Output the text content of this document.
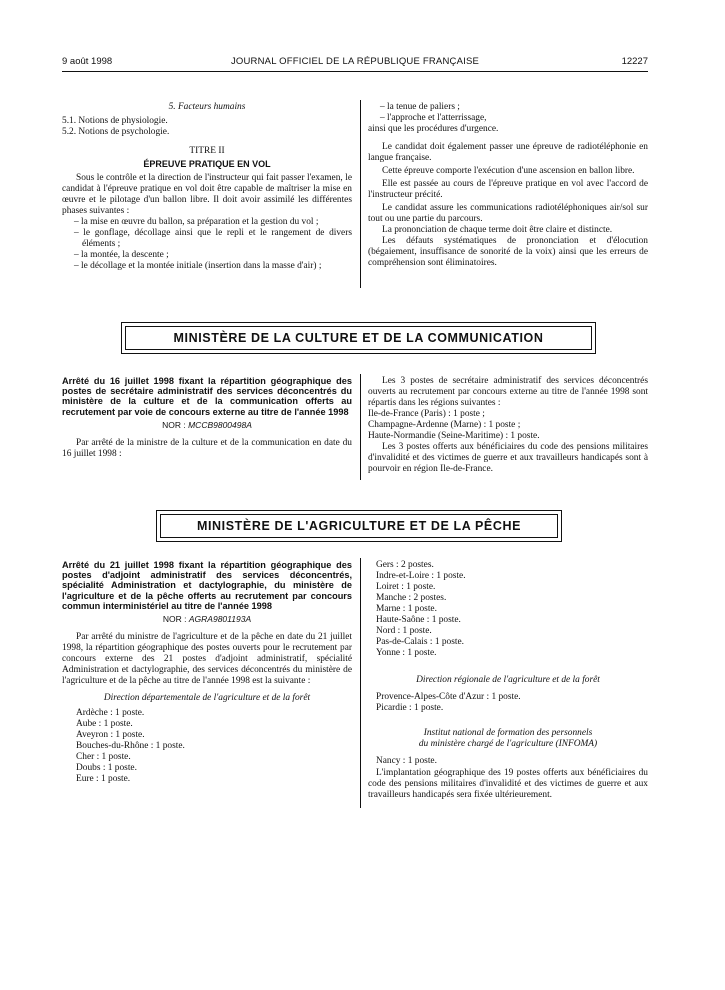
9 août 1998	JOURNAL OFFICIEL DE LA RÉPUBLIQUE FRANÇAISE	12227

5. Facteurs humains

5.1. Notions de physiologie.

5.2. Notions de psychologie.

TITRE II

ÉPREUVE PRATIQUE EN VOL

Sous le contrôle et la direction de l'instructeur qui fait passer l'examen, le candidat à l'épreuve pratique en vol doit être capable de maîtriser la mise en œuvre et le pilotage d'un ballon libre. Il doit avoir assimilé les différentes phases suivantes :

– la mise en œuvre du ballon, sa préparation et la gestion du vol ;

– le gonflage, décollage ainsi que le repli et le rangement de divers éléments ;

– la montée, la descente ;

– le décollage et la montée initiale (insertion dans la masse d'air) ;

– la tenue de paliers ;

– l'approche et l'atterrissage,

ainsi que les procédures d'urgence.

Le candidat doit également passer une épreuve de radiotéléphonie en langue française.

Cette épreuve comporte l'exécution d'une ascension en ballon libre.

Elle est passée au cours de l'épreuve pratique en vol avec l'accord de l'instructeur précité.

Le candidat assure les communications radiotéléphoniques air/sol sur tout ou une partie du parcours.

La prononciation de chaque terme doit être claire et distincte.

Les défauts systématiques de prononciation et d'élocution (bégaiement, insuffisance de sonorité de la voix) ainsi que les erreurs de compréhension sont éliminatoires.

MINISTÈRE DE LA CULTURE ET DE LA COMMUNICATION

Arrêté du 16 juillet 1998 fixant la répartition géographique des postes de secrétaire administratif des services déconcentrés du ministère de la culture et de la communication offerts au recrutement par voie de concours externe au titre de l'année 1998

NOR : MCCB9800498A

Par arrêté de la ministre de la culture et de la communication en date du 16 juillet 1998 :

Les 3 postes de secrétaire administratif des services déconcentrés ouverts au recrutement par concours externe au titre de l'année 1998 sont répartis dans les régions suivantes :

Ile-de-France (Paris) : 1 poste ;

Champagne-Ardenne (Marne) : 1 poste ;

Haute-Normandie (Seine-Maritime) : 1 poste.

Les 3 postes offerts aux bénéficiaires du code des pensions militaires d'invalidité et des victimes de guerre et aux travailleurs handicapés sont à pourvoir en région Ile-de-France.

MINISTÈRE DE L'AGRICULTURE ET DE LA PÊCHE

Arrêté du 21 juillet 1998 fixant la répartition géographique des postes d'adjoint administratif des services déconcentrés, spécialité Administration et dactylographie, du ministère de l'agriculture et de la pêche offerts au recrutement par concours commun interministériel au titre de l'année 1998

NOR : AGRA9801193A

Par arrêté du ministre de l'agriculture et de la pêche en date du 21 juillet 1998, la répartition géographique des postes ouverts pour le recrutement par concours externe des 21 postes d'adjoint administratif, spécialité Administration et dactylographie, des services déconcentrés du ministère de l'agriculture et de la pêche au titre de l'année 1998 est la suivante :

Direction départementale de l'agriculture et de la forêt

Ardèche : 1 poste.

Aube : 1 poste.

Aveyron : 1 poste.

Bouches-du-Rhône : 1 poste.

Cher : 1 poste.

Doubs : 1 poste.

Eure : 1 poste.

Gers : 2 postes.

Indre-et-Loire : 1 poste.

Loiret : 1 poste.

Manche : 2 postes.

Marne : 1 poste.

Haute-Saône : 1 poste.

Nord : 1 poste.

Pas-de-Calais : 1 poste.

Yonne : 1 poste.

Direction régionale de l'agriculture et de la forêt

Provence-Alpes-Côte d'Azur : 1 poste.

Picardie : 1 poste.

Institut national de formation des personnels

du ministère chargé de l'agriculture (INFOMA)

Nancy : 1 poste.

L'implantation géographique des 19 postes offerts aux bénéficiaires du code des pensions militaires d'invalidité et des victimes de guerre et aux travailleurs handicapés sera fixée ultérieurement.
